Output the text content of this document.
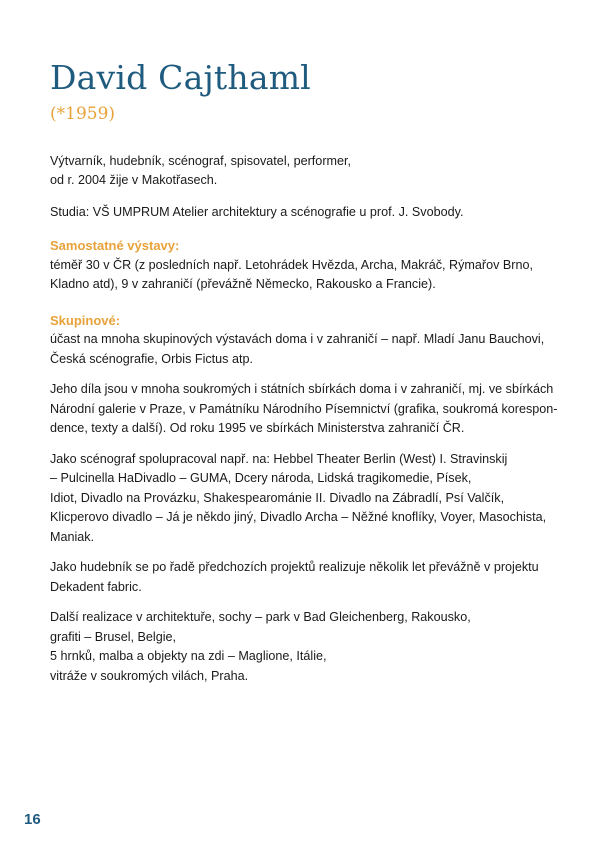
David Cajthaml
(*1959)
Výtvarník, hudebník, scénograf, spisovatel, performer,
od r. 2004 žije v Makotřasech.
Studia: VŠ UMPRUM Atelier architektury a scénografie u prof. J. Svobody.
Samostatné výstavy:
téměř 30 v ČR (z posledních např. Letohrádek Hvězda, Archa, Makráč, Rýmařov Brno,
Kladno atd), 9 v zahraničí (převážně Německo, Rakousko a Francie).
Skupinové:
účast na mnoha skupinových výstavách doma i v zahraničí – např. Mladí Janu Bauchovi,
Česká scénografie, Orbis Fictus atp.
Jeho díla jsou v mnoha soukromých i státních sbírkách doma i v zahraničí, mj. ve sbírkách
Národní galerie v Praze, v Památníku Národního Písemnictví (grafika, soukromá korespon-
dence, texty a další). Od roku 1995 ve sbírkách Ministerstva zahraničí ČR.
Jako scénograf spolupracoval např. na: Hebbel Theater Berlin (West) I. Stravinskij
– Pulcinella HaDivadlo – GUMA, Dcery národa, Lidská tragikomedie, Písek,
Idiot, Divadlo na Provázku, Shakespearománie II. Divadlo na Zábradlí, Psí Valčík,
Klicperovo divadlo – Já je někdo jiný, Divadlo Archa – Něžné knoflíky, Voyer, Masochista,
Maniak.
Jako hudebník se po řadě předchozích projektů realizuje několik let převážně v projektu
Dekadent fabric.
Další realizace v architektuře, sochy – park v Bad Gleichenberg, Rakousko,
grafiti – Brusel, Belgie,
5 hrnků, malba a objekty na zdi – Maglione, Itálie,
vitráže v soukromých vilách, Praha.
16
